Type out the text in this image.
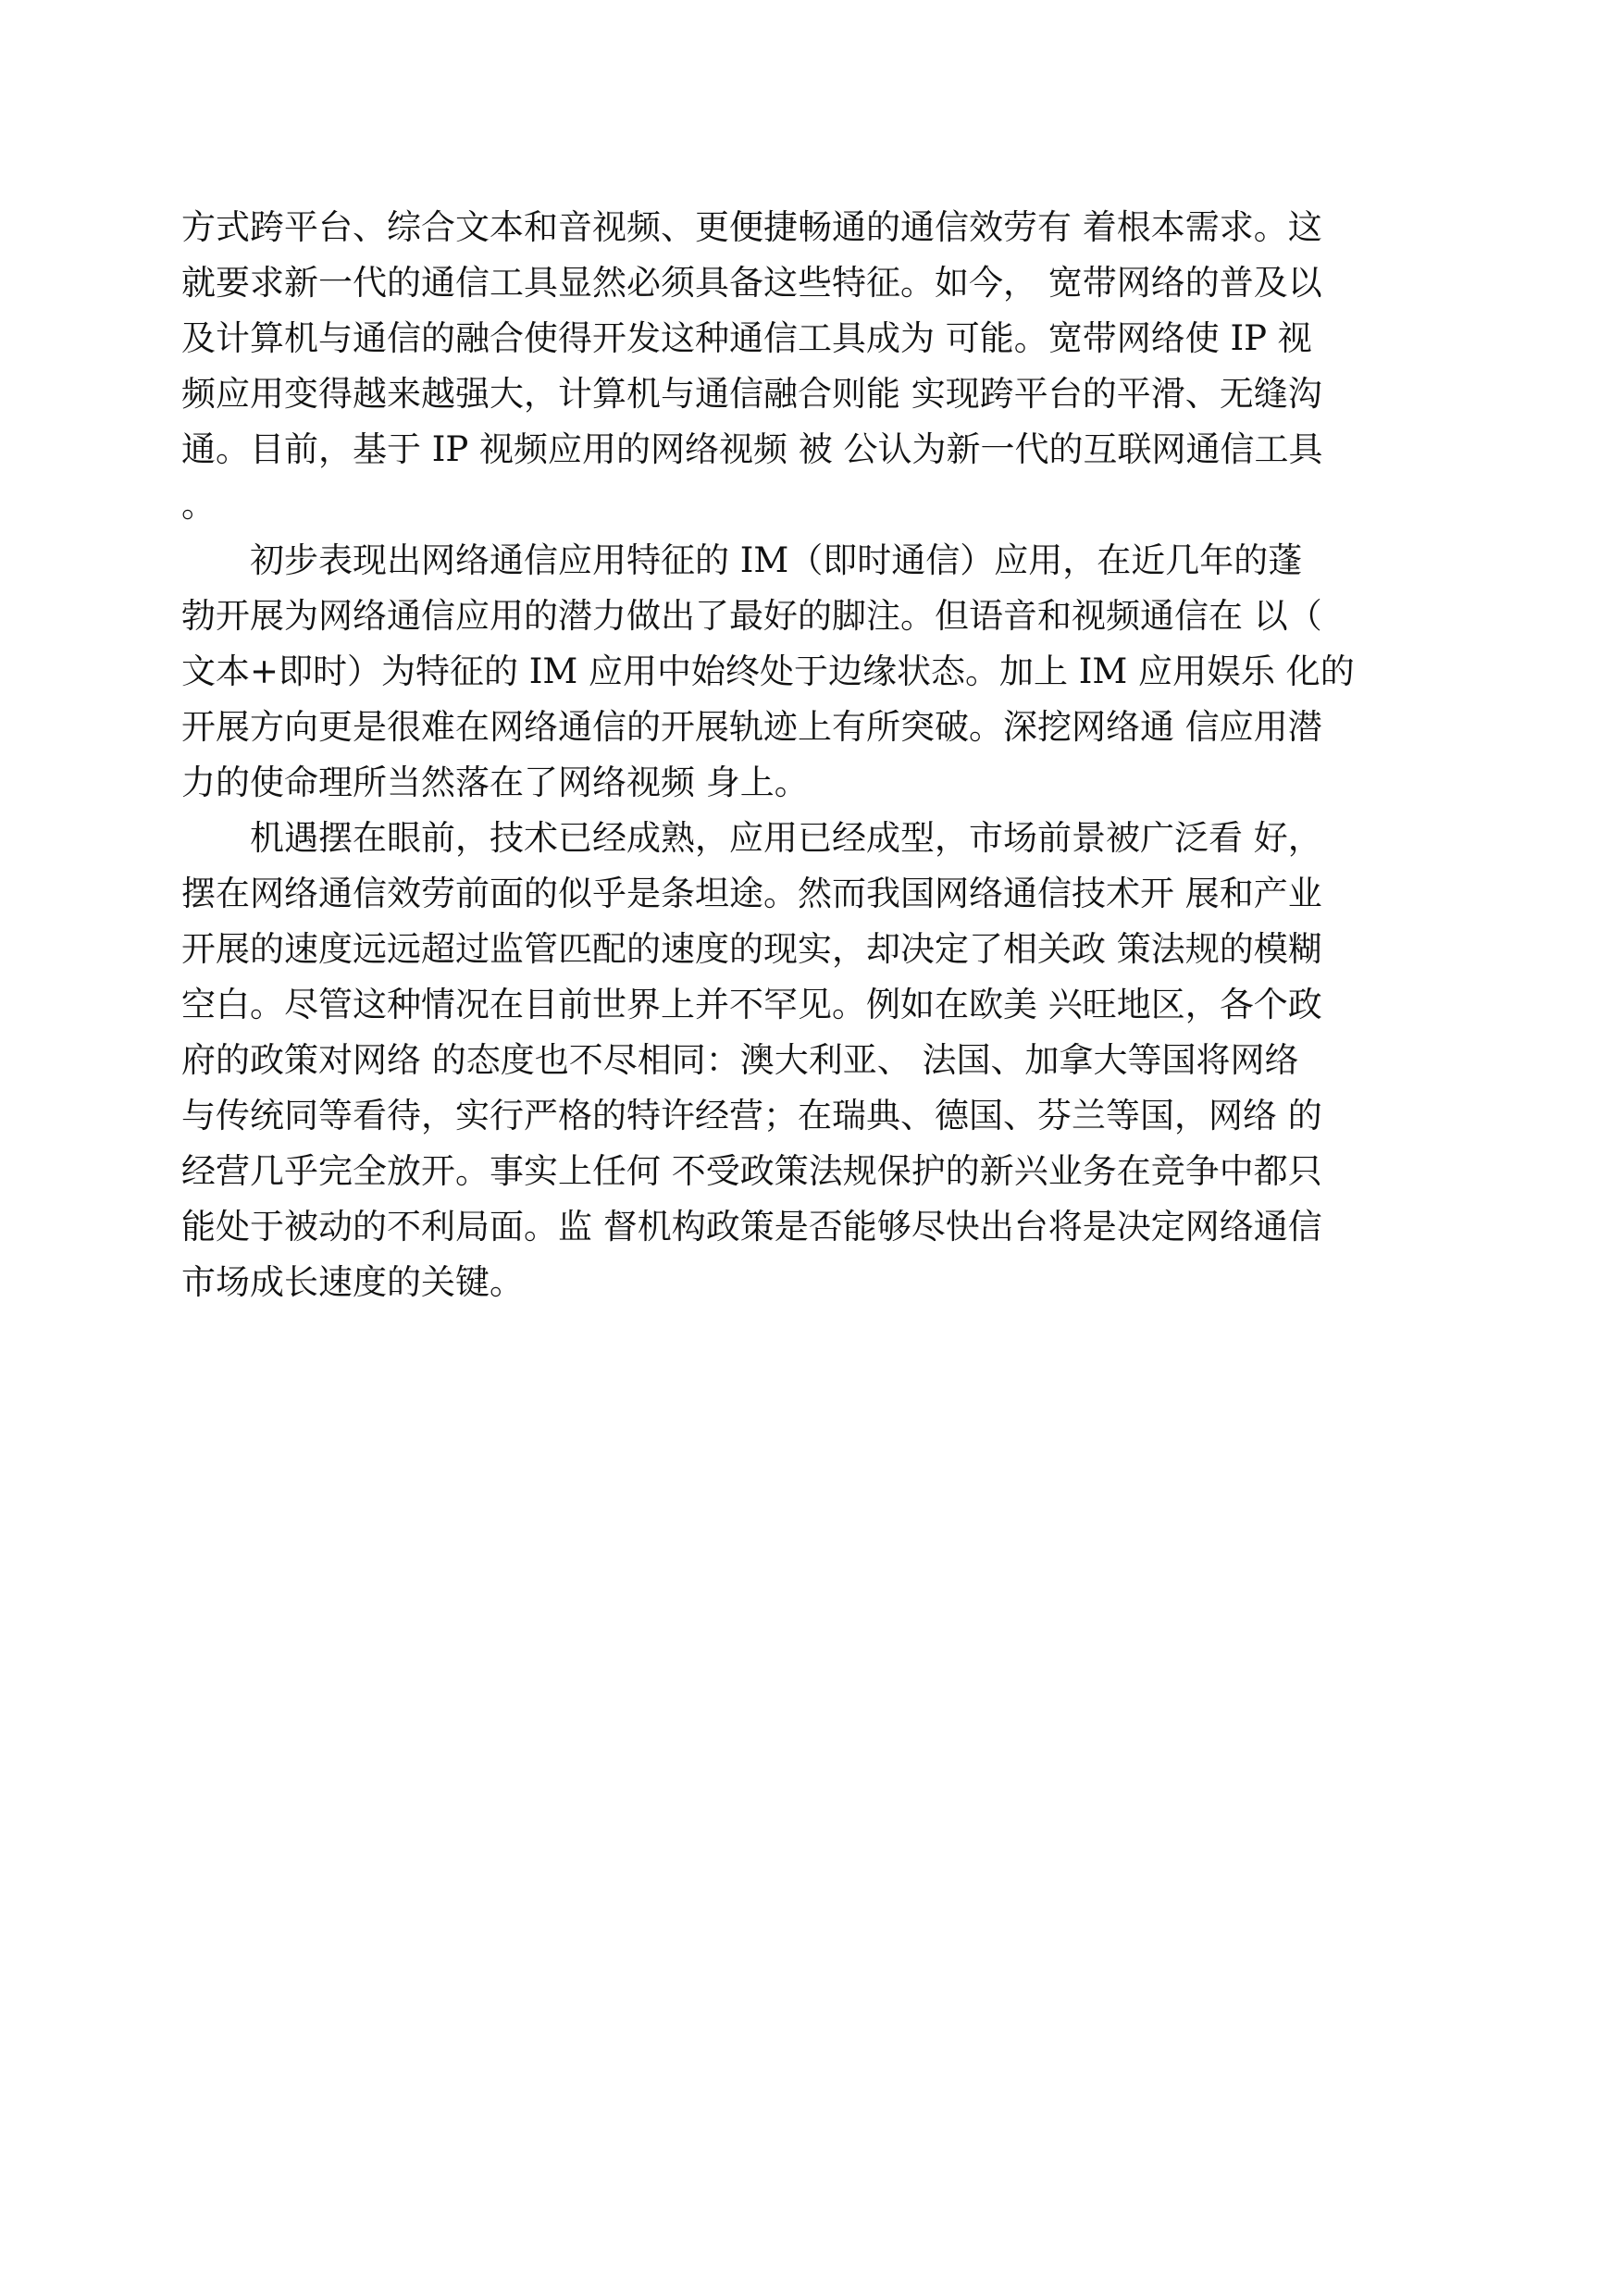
方式跨平台、综合文本和音视频、更便捷畅通的通信效劳有 着根本需求。这
就要求新一代的通信工具显然必须具备这些特征。如今， 宽带网络的普及以
及计算机与通信的融合使得开发这种通信工具成为 可能。宽带网络使 IP 视
频应用变得越来越强大，计算机与通信融合则能 实现跨平台的平滑、无缝沟
通。目前，基于 IP 视频应用的网络视频 被 公认为新一代的互联网通信工具
。

　　初步表现出网络通信应用特征的 IM（即时通信）应用，在近几年的蓬
勃开展为网络通信应用的潜力做出了最好的脚注。但语音和视频通信在 以（
文本+即时）为特征的 IM 应用中始终处于边缘状态。加上 IM 应用娱乐 化的
开展方向更是很难在网络通信的开展轨迹上有所突破。深挖网络通 信应用潜
力的使命理所当然落在了网络视频 身上。

　　机遇摆在眼前，技术已经成熟，应用已经成型，市场前景被广泛看 好，
摆在网络通信效劳前面的似乎是条坦途。然而我国网络通信技术开 展和产业
开展的速度远远超过监管匹配的速度的现实，却决定了相关政 策法规的模糊
空白。尽管这种情况在目前世界上并不罕见。例如在欧美 兴旺地区，各个政
府的政策对网络 的态度也不尽相同：澳大利亚、 法国、加拿大等国将网络
与传统同等看待，实行严格的特许经营；在瑞典、德国、芬兰等国，网络 的
经营几乎完全放开。事实上任何 不受政策法规保护的新兴业务在竞争中都只
能处于被动的不利局面。监 督机构政策是否能够尽快出台将是决定网络通信
市场成长速度的关键。
